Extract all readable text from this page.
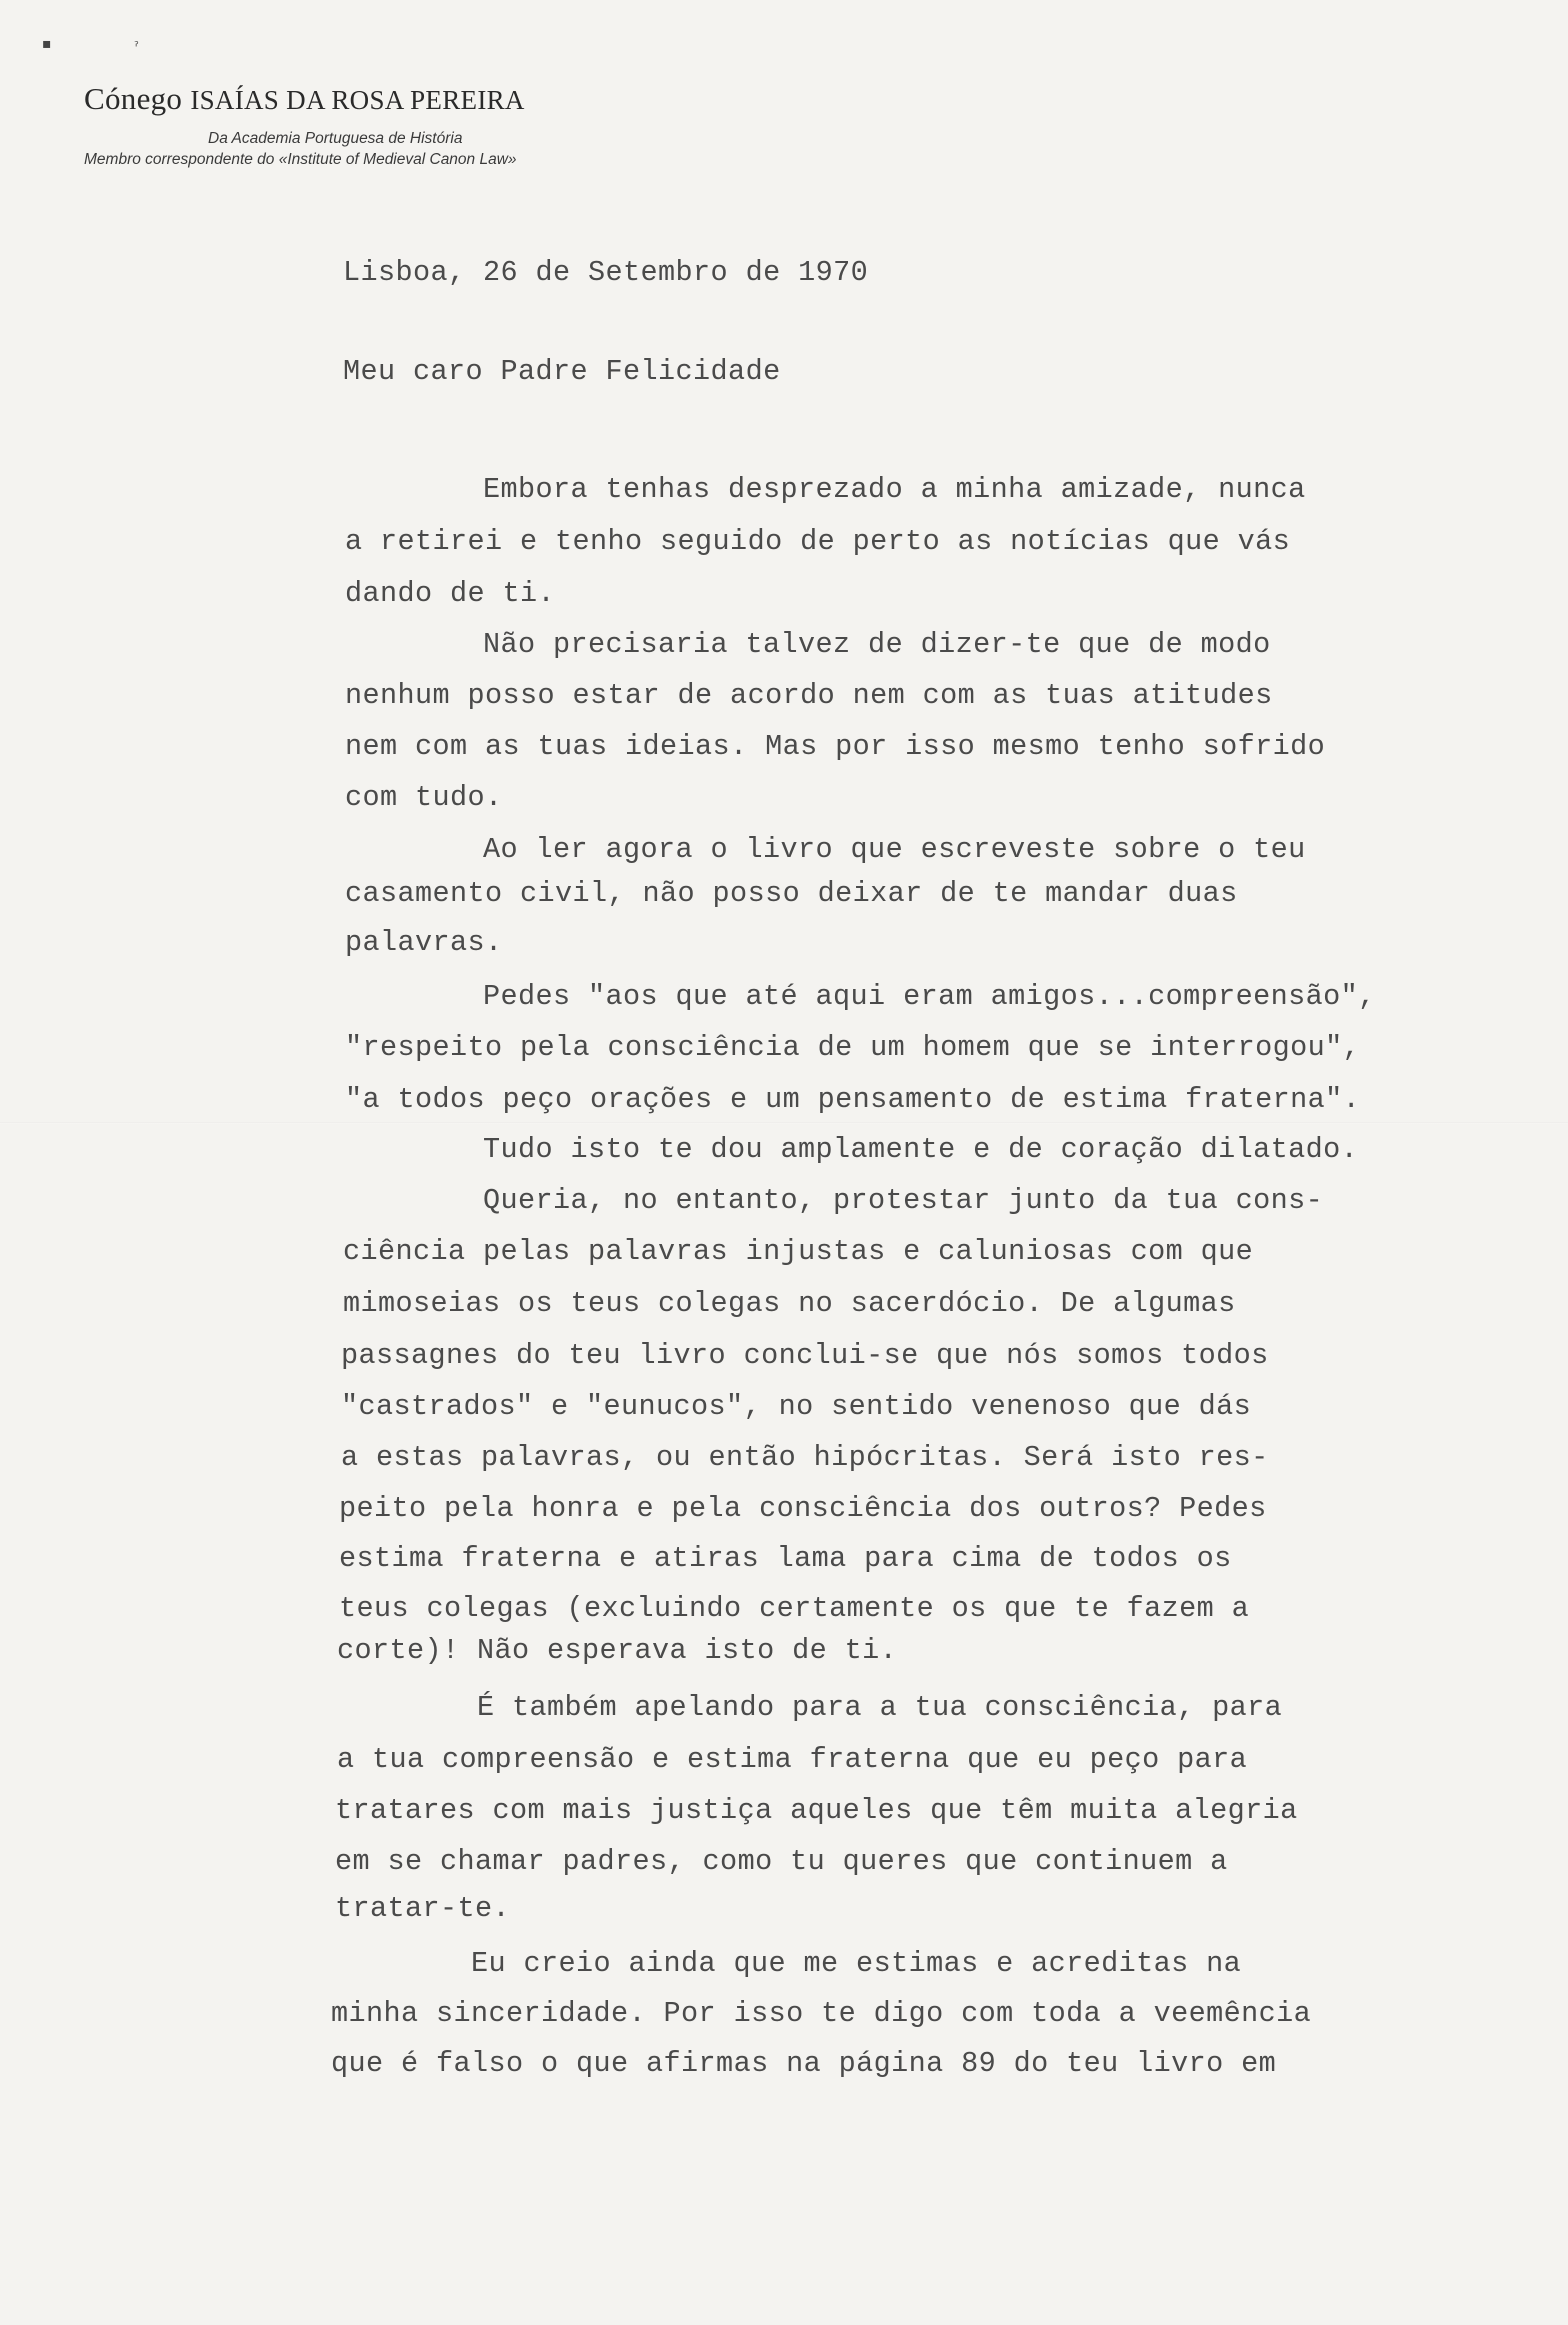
▪	ˀ
Cónego ISAÍAS DA ROSA PEREIRA
Da Academia Portuguesa de História
Membro correspondente do «Institute of Medieval Canon Law»
Lisboa, 26 de Setembro de 1970
Meu caro Padre Felicidade
Embora tenhas desprezado a minha amizade, nunca
a retirei e tenho seguido de perto as notícias que vás
dando de ti.
Não precisaria talvez de dizer-te que de modo
nenhum posso estar de acordo nem com as tuas atitudes
nem com as tuas ideias. Mas por isso mesmo tenho sofrido
com tudo.
Ao ler agora o livro que escreveste sobre o teu
casamento civil, não posso deixar de te mandar duas
palavras.
Pedes "aos que até aqui eram amigos...compreensão",
"respeito pela consciência de um homem que se interrogou",
"a todos peço orações e um pensamento de estima fraterna".
Tudo isto te dou amplamente e de coração dilatado.
Queria, no entanto, protestar junto da tua cons-
ciência pelas palavras injustas e caluniosas com que
mimoseias os teus colegas no sacerdócio. De algumas
passagnes do teu livro conclui-se que nós somos todos
"castrados" e "eunucos", no sentido venenoso que dás
a estas palavras, ou então hipócritas. Será isto res-
peito pela honra e pela consciência dos outros? Pedes
estima fraterna e atiras lama para cima de todos os
teus colegas (excluindo certamente os que te fazem a
corte)! Não esperava isto de ti.
É também apelando para a tua consciência, para
a tua compreensão e estima fraterna que eu peço para
tratares com mais justiça aqueles que têm muita alegria
em se chamar padres, como tu queres que continuem a
tratar-te.
Eu creio ainda que me estimas e acreditas na
minha sinceridade. Por isso te digo com toda a veemência
que é falso o que afirmas na página 89 do teu livro em
